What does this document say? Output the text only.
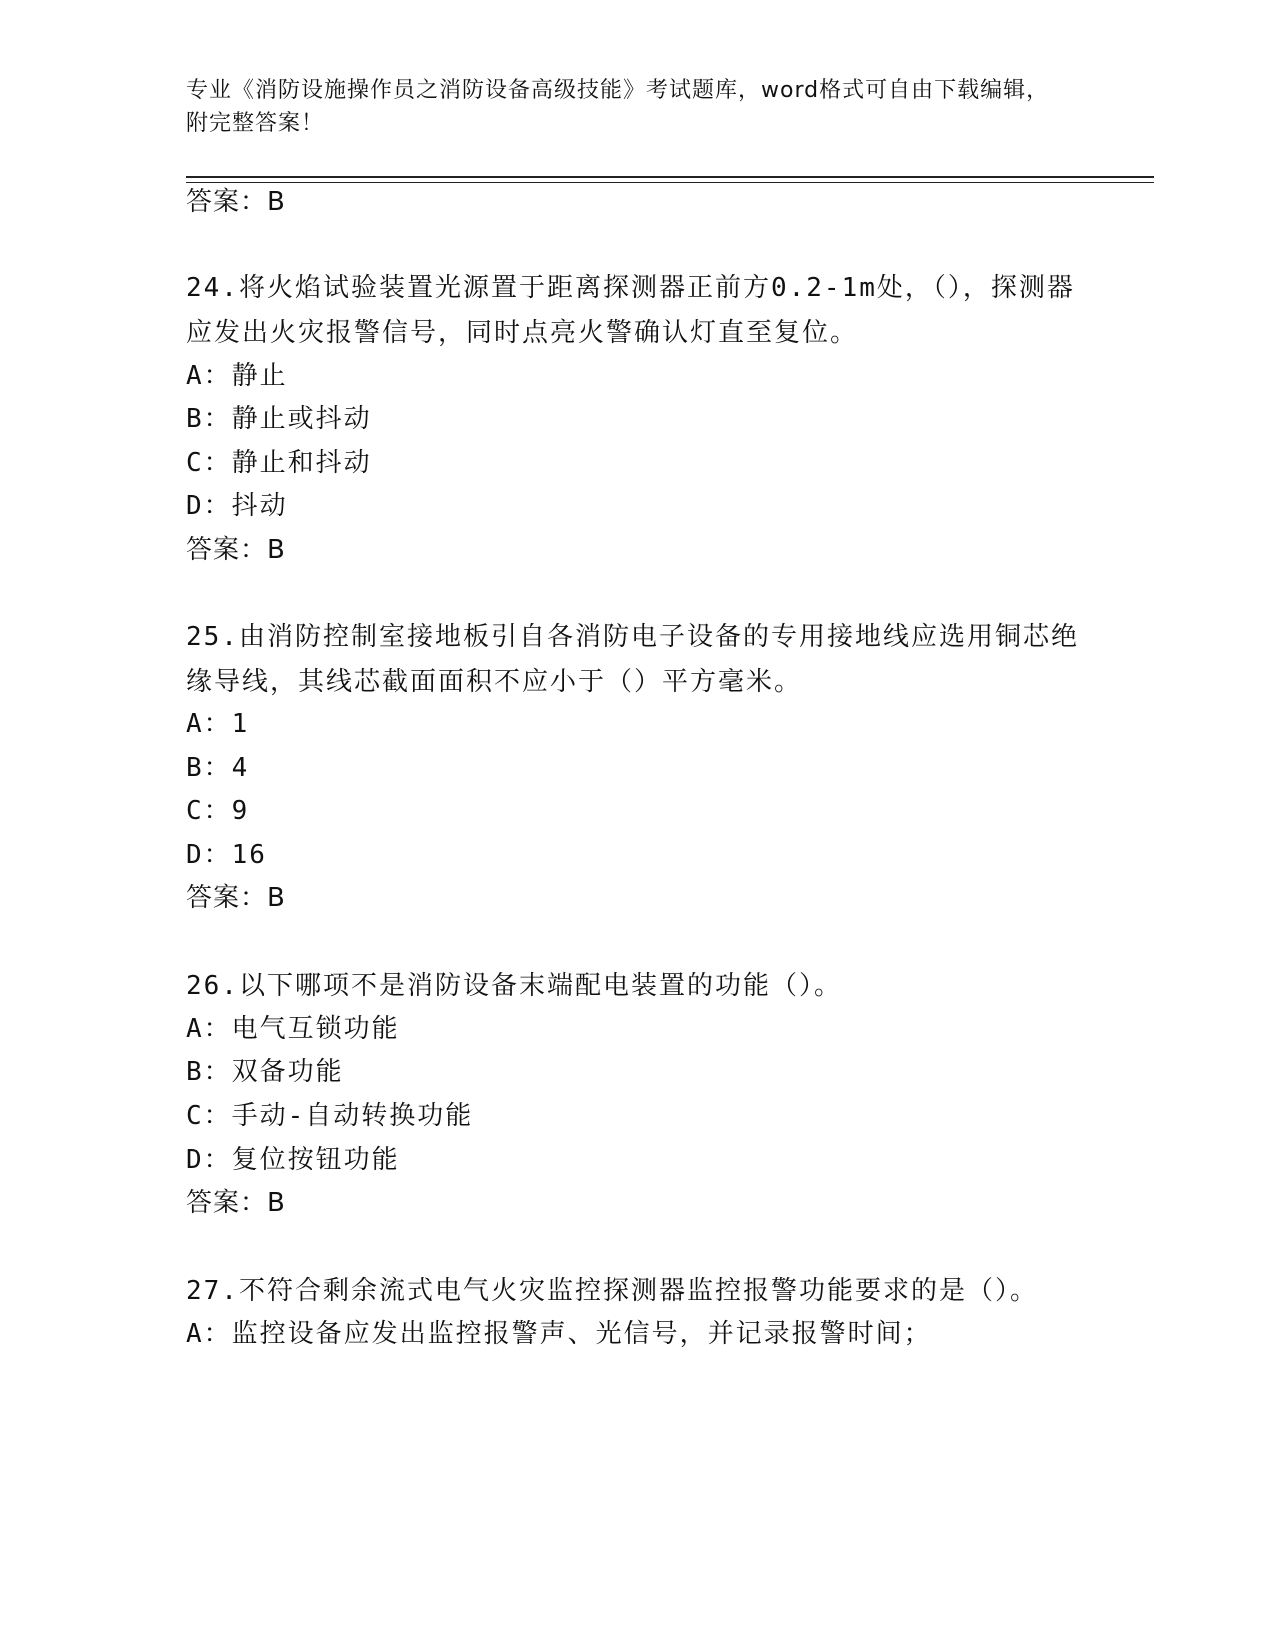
专业《消防设施操作员之消防设备高级技能》考试题库，word格式可自由下载编辑，附完整答案！
答案：B
24.将火焰试验装置光源置于距离探测器正前方0.2-1m处，（），探测器应发出火灾报警信号，同时点亮火警确认灯直至复位。
A：静止
B：静止或抖动
C：静止和抖动
D：抖动
答案：B
25.由消防控制室接地板引自各消防电子设备的专用接地线应选用铜芯绝缘导线，其线芯截面面积不应小于（）平方毫米。
A：1
B：4
C：9
D：16
答案：B
26.以下哪项不是消防设备末端配电装置的功能（）。
A：电气互锁功能
B：双备功能
C：手动-自动转换功能
D：复位按钮功能
答案：B
27.不符合剩余流式电气火灾监控探测器监控报警功能要求的是（）。
A：监控设备应发出监控报警声、光信号，并记录报警时间；
